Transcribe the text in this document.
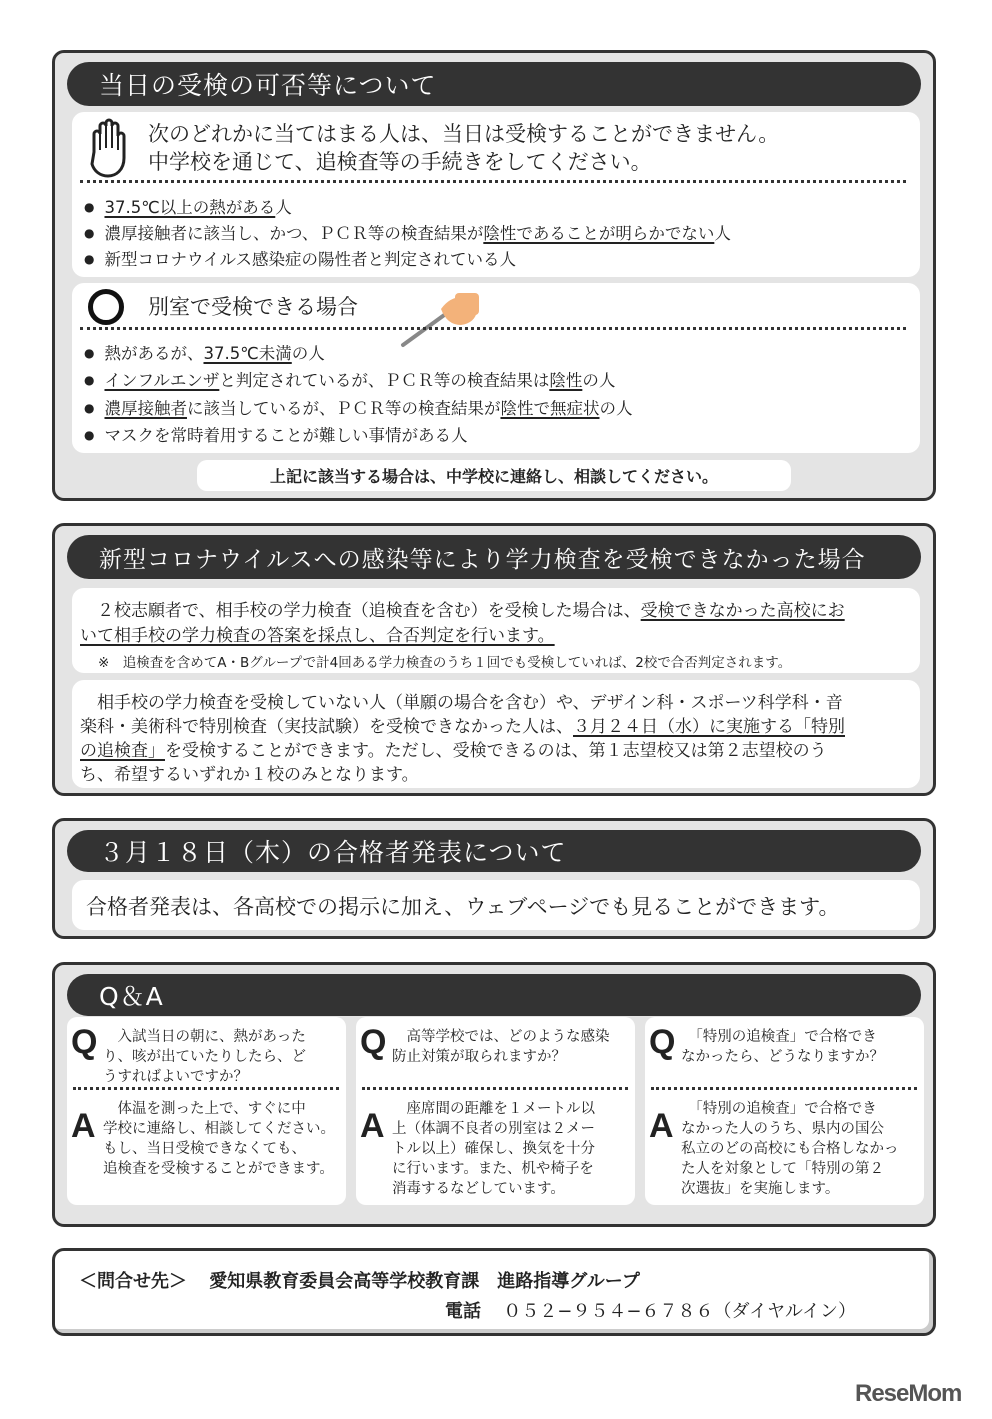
当日の受検の可否等について
次のどれかに当てはまる人は、当日は受検することができません。
中学校を通じて、追検査等の手続きをしてください。
● 37.5℃以上の熱がある人
● 濃厚接触者に該当し、かつ、ＰＣＲ等の検査結果が陰性であることが明らかでない人
● 新型コロナウイルス感染症の陽性者と判定されている人
別室で受検できる場合
● 熱があるが、37.5℃未満の人
● インフルエンザと判定されているが、ＰＣＲ等の検査結果は陰性の人
● 濃厚接触者に該当しているが、ＰＣＲ等の検査結果が陰性で無症状の人
● マスクを常時着用することが難しい事情がある人
上記に該当する場合は、中学校に連絡し、相談してください。
新型コロナウイルスへの感染等により学力検査を受検できなかった場合
　２校志願者で、相手校の学力検査（追検査を含む）を受検した場合は、受検できなかった高校にお
いて相手校の学力検査の答案を採点し、合否判定を行います。
※　追検査を含めてA・Bグループで計4回ある学力検査のうち１回でも受検していれば、2校で合否判定されます。
　相手校の学力検査を受検していない人（単願の場合を含む）や、デザイン科・スポーツ科学科・音
楽科・美術科で特別検査（実技試験）を受検できなかった人は、３月２４日（水）に実施する「特別
の追検査」を受検することができます。ただし、受検できるのは、第１志望校又は第２志望校のう
ち、希望するいずれか１校のみとなります。
３月１８日（木）の合格者発表について
合格者発表は、各高校での掲示に加え、ウェブページでも見ることができます。
Q＆A
Q 　入試当日の朝に、熱があった
り、咳が出ていたりしたら、ど
うすればよいですか？
A 　体温を測った上で、すぐに中
学校に連絡し、相談してください。
もし、当日受検できなくても、
追検査を受検することができます。
Q 　高等学校では、どのような感染
防止対策が取られますか？
A 　座席間の距離を１メートル以
上（体調不良者の別室は２メー
トル以上）確保し、換気を十分
に行います。また、机や椅子を
消毒するなどしています。
Q 　「特別の追検査」で合格でき
なかったら、どうなりますか？
A 　「特別の追検査」で合格でき
なかった人のうち、県内の国公
私立のどの高校にも合格しなかっ
た人を対象として「特別の第２
次選抜」を実施します。
＜問合せ先＞ 愛知県教育委員会高等学校教育課　進路指導グループ
電話 ０５２−９５４−６７８６（ダイヤルイン）
ReseMom
